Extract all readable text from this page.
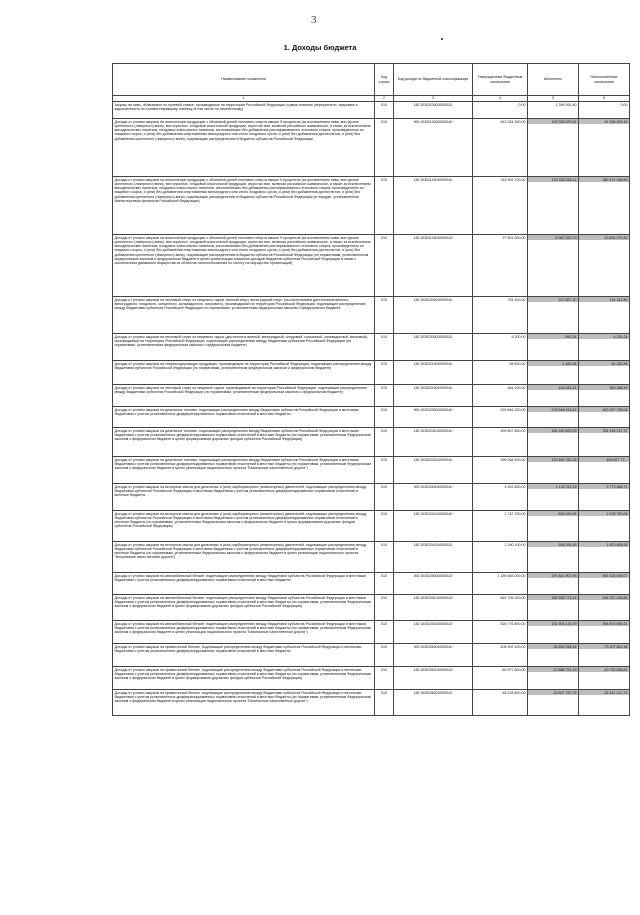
3
1. Доходы бюджета
Наименование показателя	Код строки	Код дохода по бюджетной классификации	Утвержденные бюджетные назначения	Исполнено	Неисполненные назначения
1	2	3	4	5	6
Акцизы на пиво, облагаемое по нулевой ставке; производимое на территории Российской Федерации (сумма платежа (перерасчеты, недоимка и задолженность по соответствующему платежу, в том числе по отмененному)	010	182 10302100010000110	0,00	1 395 091,80	0,00
Доходы от уплаты акцизов на алкогольную продукцию с объемной долей этилового спирта свыше 9 процентов (за исключением пива, вин (кроме крепленого (ликерного) вина), вин игристых, плодовой алкогольной продукции, игристых вин, включая российское шампанское, а также за исключением винодельческих напитков, плодовых алкогольных напитков, изготовляемых без добавления ректификованного этилового спирта, произведенного из пищевого сырья, и (или) без добавления спиртованных виноградного или иного плодового сусла, и (или) без добавления дистиллятов, и (или) без добавления крепленого (ликерного) вина), подлежащие распределению в бюджеты субъектов Российской Федерации	010	000 10302140010000110	643 334 300,00	122 025 870,61	41 306 429,19
Доходы от уплаты акцизов на алкогольную продукцию с объемной долей этилового спирта свыше 9 процентов (за исключением пива, вин (кроме крепленого (ликерного) вина), вин игристых, плодовой алкогольной продукции, игристых вин, включая российское шампанское, а также за исключением винодельческих напитков, плодовых алкогольных напитков, изготовляемых без добавления ректификованного этилового спирта, произведенного из пищевого сырья, и (или) без добавления спиртованных виноградного или иного плодового сусла, и (или) без добавления дистиллятов, и (или) без добавления крепленого (ликерного) вина), подлежащие распределению в бюджеты субъектов Российской Федерации (в порядке, установленном Министерством финансов Российской Федерации)	010	182 10302142010000110	315 902 700,00	120 528 265,11	380 474 348,69
Доходы от уплаты акцизов на алкогольную продукцию с объемной долей этилового спирта свыше 9 процентов (за исключением пива, вин (кроме крепленого (ликерного) вина), вин игристых, плодовой алкогольной продукции, игристых вин, включая российское шампанское, а также за исключением винодельческих напитков, плодовых алкогольных напитков, изготовляемых без добавления ректификованного этилового спирта, произведенного из пищевого сырья, и (или) без добавления спиртованных виноградного или иного плодового сусла, и (или) без добавления дистиллятов, и (или) без добавления крепленого (ликерного) вина), подлежащие распределению в бюджеты субъектов Российской Федерации (по нормативам, установленным федеральным законом о федеральном бюджете в целях компенсации снижения доходов бюджетов субъектов Российской Федерации в связи с исключением движимого имущества из объектов налогообложения по налогу на имущество организаций)	010	182 10302143010000110	27 601 600,00	6 967 520,70	20 634 079,30
Доходы от уплаты акцизов на этиловый спирт из пищевого сырья, винный спирт, виноградный спирт (за исключением дистиллятов винного, виноградного, плодового, коньячного, кальвадосного, вискового), производимый на территории Российской Федерации, подлежащие распределению между бюджетами субъектов Российской Федерации по нормативам, установленным федеральным законом о федеральном бюджете	010	182 10302200010000110	751 400,00	317 657,20	434 342,80
Доходы от уплаты акцизов на этиловый спирт из пищевого сырья (дистилляты винный, виноградный, плодовый, коньячный, кальвадосный, висковый), производимый на территории Российской Федерации, подлежащие распределению между бюджетами субъектов Российской Федерации (по нормативам, установленным федеральным законом о федеральном бюджете)	010	182 10302200010000110	5 200,00	-952,24	6 251,24
Доходы от уплаты акцизов на спиртосодержащую продукцию, производимую на территории Российской Федерации, подлежащие распределению между бюджетами субъектов Российской Федерации (по нормативам, установленным федеральным законом о федеральном бюджете)	010	182 10302210010000110	58 800,00	-1 482,84	60 282,84
Доходы от уплаты акцизов на этиловый спирт из пищевого сырья, производимый на территории Российской Федерации, подлежащие распределению между бюджетами субъектов Российской Федерации (по нормативам, установленным федеральным законом о федеральном бюджете)	010	182 10302220010000110	484 200,00	124 631,51	359 268,49
Доходы от уплаты акцизов на дизельное топливо, подлежащие распределению между бюджетами субъектов Российской Федерации и местными бюджетами с учетом установленных дифференцированных нормативов отчислений в местные бюджеты	010	000 10302230010000110	676 846 200,00	276 548 414,92	400 297 785,08
Доходы от уплаты акцизов на дизельное топливо, подлежащие распределению между бюджетами субъектов Российской Федерации и местными бюджетами с учетом установленных дифференцированных нормативов отчислений в местные бюджеты (по нормативам, установленным Федеральным законом о федеральном бюджете в целях формирования дорожных фондов субъектов Российской Федерации)	010	182 10302231010000110	499 607 800,00	165 160 652,63	334 446 147,37
Доходы от уплаты акцизов на дизельное топливо, подлежащие распределению между бюджетами субъектов Российской Федерации и местными бюджетами с учетом установленных дифференцированных нормативов отчислений в местные бюджеты (по нормативам, установленным Федеральным законом о федеральном бюджете в целях реализации национального проекта "Безопасные качественные дороги")	010	182 10302232010000110	399 268 400,00	123 460 762,28	449 627 77...
Доходы от уплаты акцизов на моторные масла для дизельных и (или) карбюраторных (инжекторных) двигателей, подлежащие распределению между бюджетами субъектов Российской Федерации и местными бюджетами с учетом установленных дифференцированных нормативов отчислений в местные бюджеты	010	000 10302240010000110	4 922 800,00	1 143 211,29	3 779 588,71
Доходы от уплаты акцизов на моторные масла для дизельных и (или) карбюраторных (инжекторных) двигателей, подлежащие распределению между бюджетами субъектов Российской Федерации и местными бюджетами с учетом установленных дифференцированных нормативов отчислений в местные бюджеты (по нормативам, установленным Федеральным законом о федеральном бюджете в целях формирования дорожных фондов субъектов Российской Федерации)	010	182 10302241010000110	2 742 700,00	636 919,94	2 105 780,06
Доходы от уплаты акцизов на моторные масла для дизельных и (или) карбюраторных (инжекторных) двигателей, подлежащие распределению между бюджетами субъектов Российской Федерации и местными бюджетами с учетом установленных дифференцированных нормативов отчислений в местные бюджеты (по нормативам, установленным Федеральным законом о федеральном бюджете в целях реализации национального проекта "Безопасные качественные дороги")	010	182 10302242010000110	2 180 100,00	506 291,45	1 673 808,55
Доходы от уплаты акцизов на автомобильный бензин, подлежащие распределению между бюджетами субъектов Российской Федерации и местными бюджетами с учетом установленных дифференцированных нормативов отчислений в местные бюджеты	010	000 10302250010000110	1 189 465 000,00	297 841 907,93	891 623 092,07
Доходы от уплаты акцизов на автомобильный бензин, подлежащие распределению между бюджетами субъектов Российской Федерации и местными бюджетами с учетом установленных дифференцированных нормативов отчислений в местные бюджеты (по нормативам, установленным Федеральным законом о федеральном бюджете в целях формирования дорожных фондов субъектов Российской Федерации)	010	182 10302251010000110	662 706 200,00	165 938 773,14	496 767 426,86
Доходы от уплаты акцизов на автомобильный бензин, подлежащие распределению между бюджетами субъектов Российской Федерации и местными бюджетами с учетом установленных дифференцированных нормативов отчислений в местные бюджеты (по нормативам, установленным Федеральным законом о федеральном бюджете в целях реализации национального проекта "Безопасные качественные дороги")	010	182 10302252010000110	526 776 800,00	131 903 134,79	394 873 665,21
Доходы от уплаты акцизов на прямогонный бензин, подлежащие распределению между бюджетами субъектов Российской Федерации и местными бюджетами с учетом установленных дифференцированных нормативов отчислений в местные бюджеты	010	000 10302260010000110	-108 902 400,00	-35 694 538,44	-73 207 861,56
Доходы от уплаты акцизов на прямогонный бензин, подлежащие распределению между бюджетами субъектов Российской Федерации и местными бюджетами с учетом установленных дифференцированных нормативов отчислений в местные бюджеты (по нормативам, установленным Федеральным законом о федеральном бюджете в целях формирования дорожных фондов субъектов Российской Федерации)	010	182 10302261010000110	-60 677 600,00	-19 886 751,19	-40 790 848,81
Доходы от уплаты акцизов на прямогонный бензин, подлежащие распределению между бюджетами субъектов Российской Федерации и местными бюджетами с учетом установленных дифференцированных нормативов отчислений в местные бюджеты (по нормативам, установленным Федеральным законом о федеральном бюджете в целях реализации национального проекта "Безопасные качественные дороги")	010	182 10302262010000110	-48 228 800,00	-15 807 787,25	-32 421 012,75
